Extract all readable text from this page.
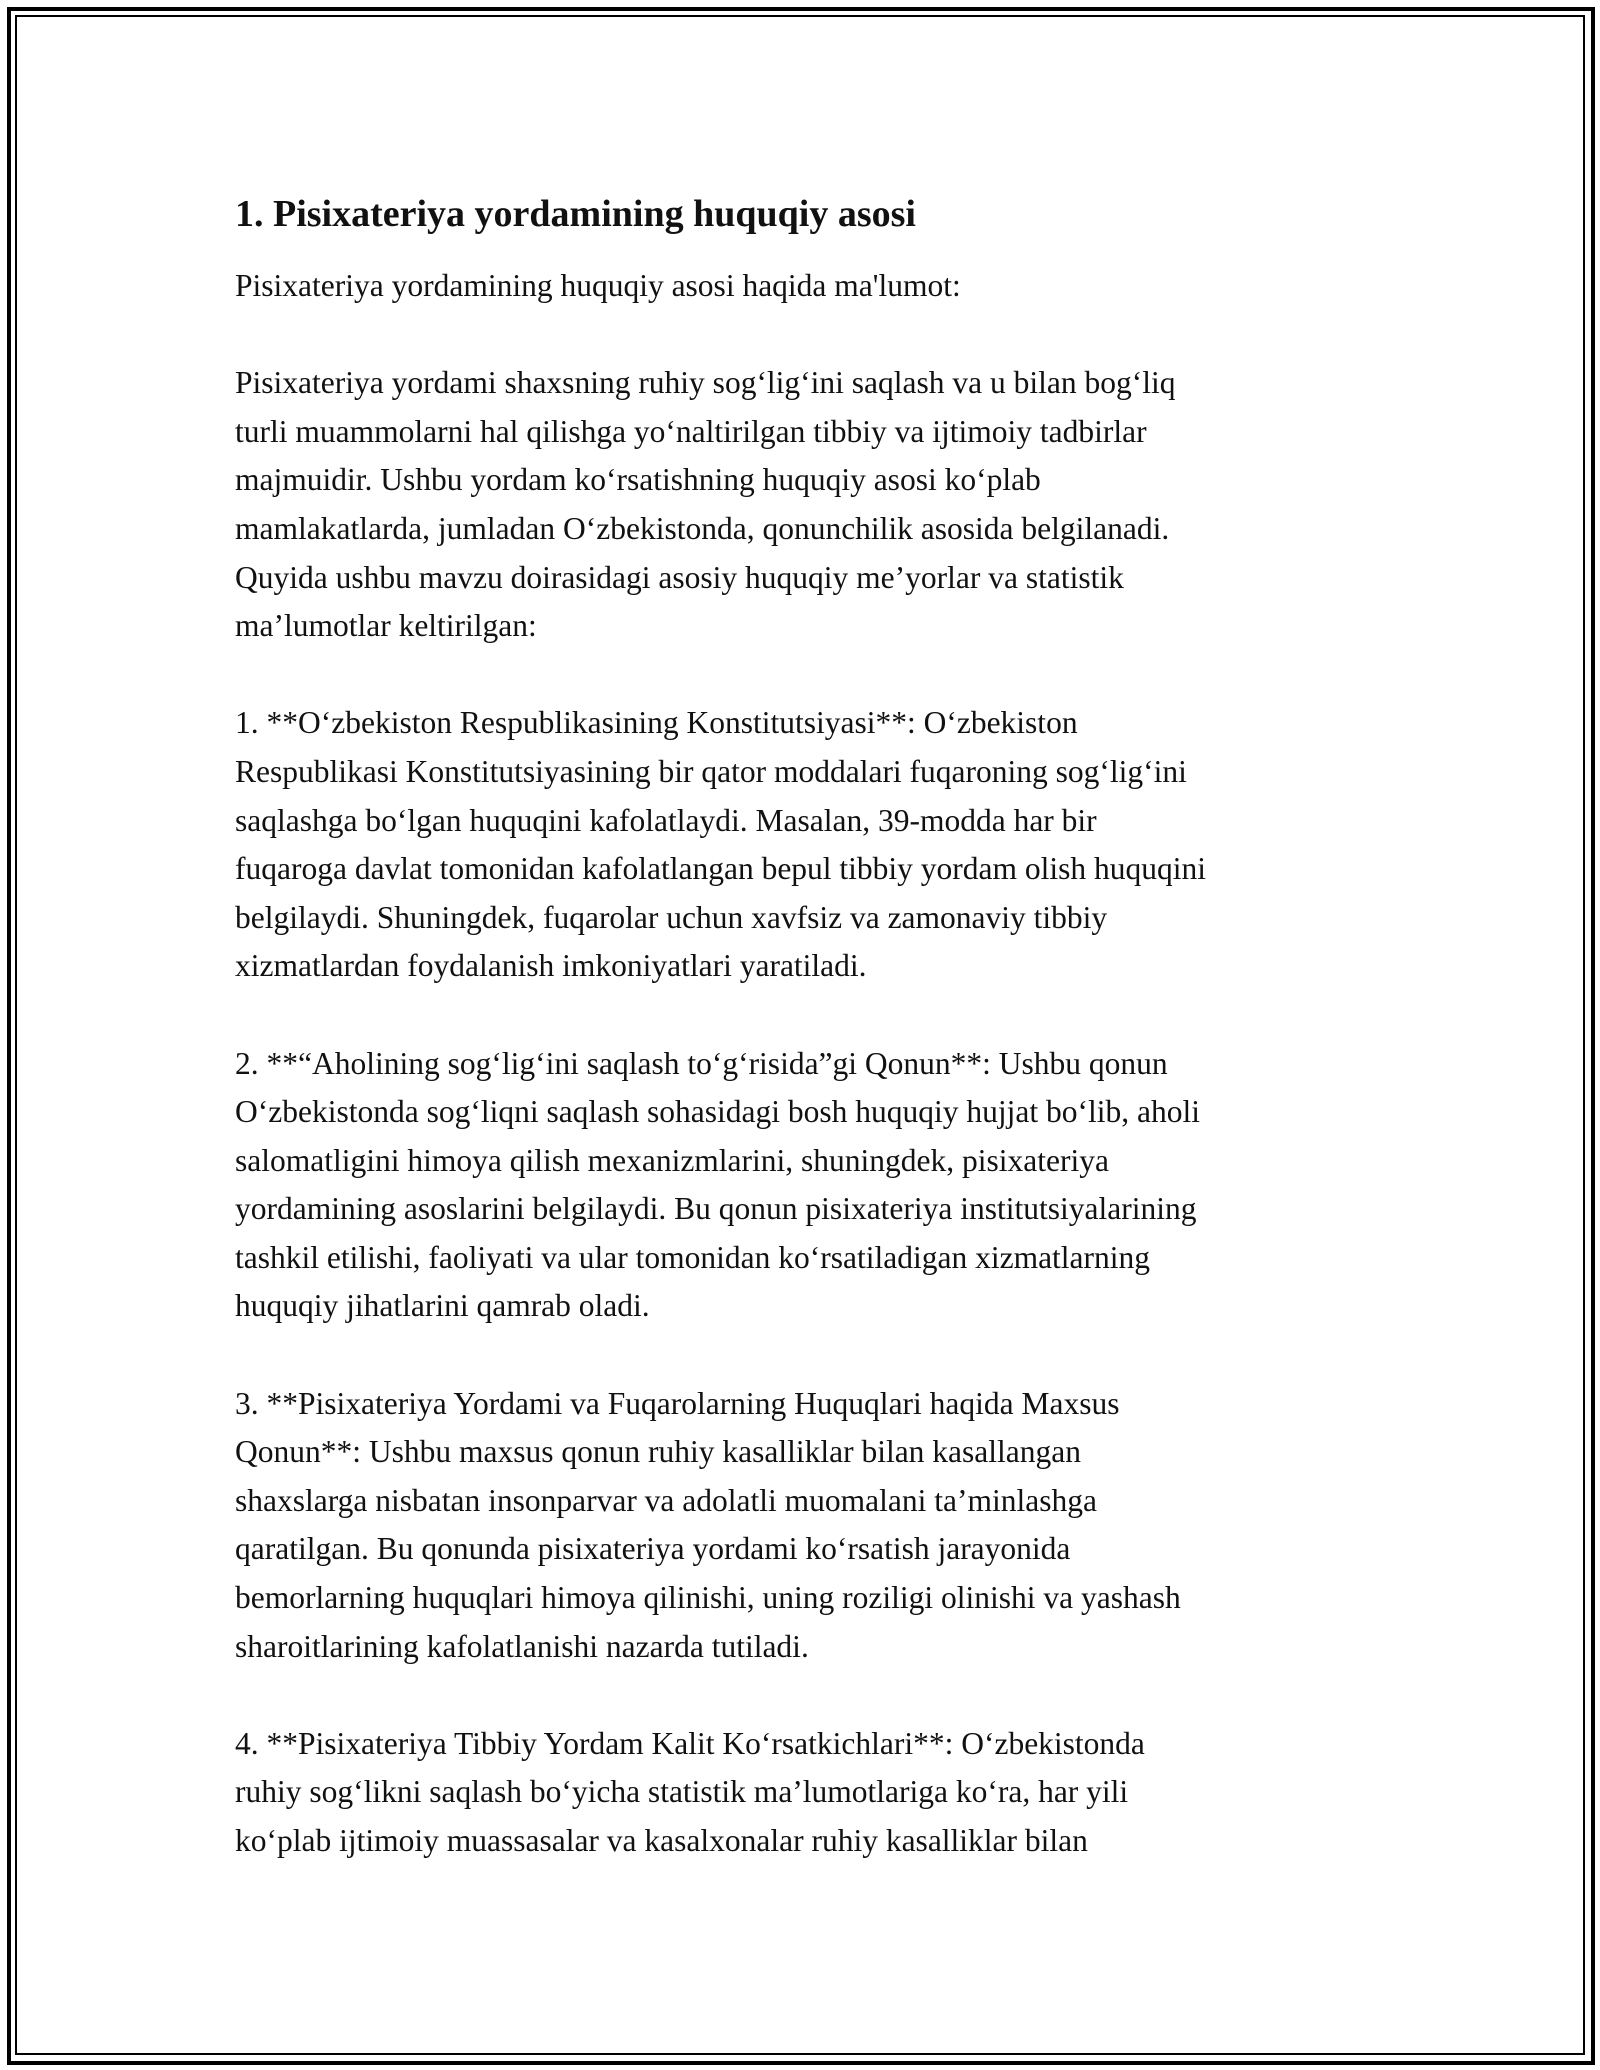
1. Pisixateriya yordamining huquqiy asosi

Pisixateriya yordamining huquqiy asosi haqida ma'lumot:

Pisixateriya yordami shaxsning ruhiy sog‘lig‘ini saqlash va u bilan bog‘liq
turli muammolarni hal qilishga yo‘naltirilgan tibbiy va ijtimoiy tadbirlar
majmuidir. Ushbu yordam ko‘rsatishning huquqiy asosi ko‘plab
mamlakatlarda, jumladan O‘zbekistonda, qonunchilik asosida belgilanadi.
Quyida ushbu mavzu doirasidagi asosiy huquqiy me’yorlar va statistik
ma’lumotlar keltirilgan:

1. **O‘zbekiston Respublikasining Konstitutsiyasi**: O‘zbekiston
Respublikasi Konstitutsiyasining bir qator moddalari fuqaroning sog‘lig‘ini
saqlashga bo‘lgan huquqini kafolatlaydi. Masalan, 39-modda har bir
fuqaroga davlat tomonidan kafolatlangan bepul tibbiy yordam olish huquqini
belgilaydi. Shuningdek, fuqarolar uchun xavfsiz va zamonaviy tibbiy
xizmatlardan foydalanish imkoniyatlari yaratiladi.

2. **“Aholining sog‘lig‘ini saqlash to‘g‘risida”gi Qonun**: Ushbu qonun
O‘zbekistonda sog‘liqni saqlash sohasidagi bosh huquqiy hujjat bo‘lib, aholi
salomatligini himoya qilish mexanizmlarini, shuningdek, pisixateriya
yordamining asoslarini belgilaydi. Bu qonun pisixateriya institutsiyalarining
tashkil etilishi, faoliyati va ular tomonidan ko‘rsatiladigan xizmatlarning
huquqiy jihatlarini qamrab oladi.

3. **Pisixateriya Yordami va Fuqarolarning Huquqlari haqida Maxsus
Qonun**: Ushbu maxsus qonun ruhiy kasalliklar bilan kasallangan
shaxslarga nisbatan insonparvar va adolatli muomalani ta’minlashga
qaratilgan. Bu qonunda pisixateriya yordami ko‘rsatish jarayonida
bemorlarning huquqlari himoya qilinishi, uning roziligi olinishi va yashash
sharoitlarining kafolatlanishi nazarda tutiladi.

4. **Pisixateriya Tibbiy Yordam Kalit Ko‘rsatkichlari**: O‘zbekistonda
ruhiy sog‘likni saqlash bo‘yicha statistik ma’lumotlariga ko‘ra, har yili
ko‘plab ijtimoiy muassasalar va kasalxonalar ruhiy kasalliklar bilan
